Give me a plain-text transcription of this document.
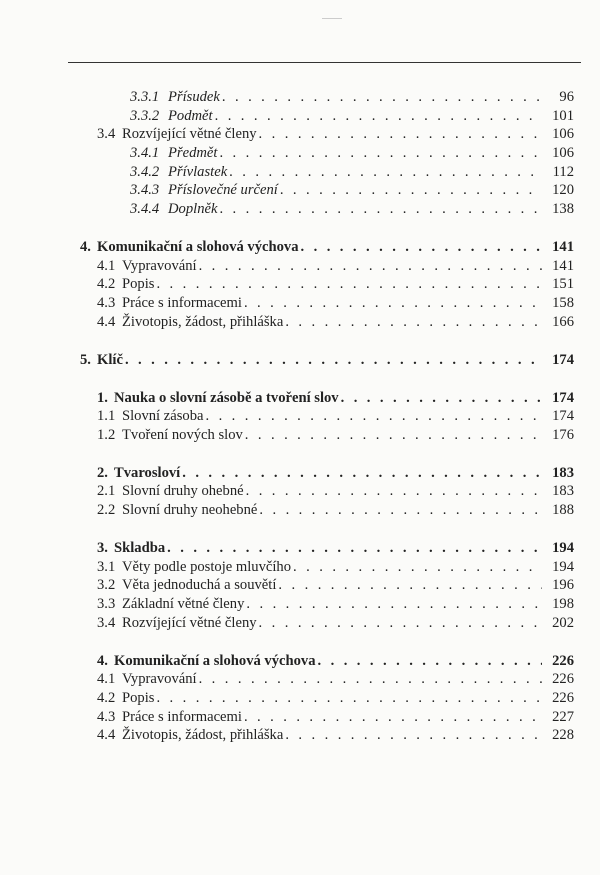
3.3.1 Přísudek . . .	96
3.3.2 Podmět . . .	101
3.4 Rozvíjející větné členy . . .	106
3.4.1 Předmět . . .	106
3.4.2 Přívlastek . . .	112
3.4.3 Příslovečné určení . . .	120
3.4.4 Doplněk . . .	138
4. Komunikační a slohová výchova . . .	141
4.1 Vypravování . . .	141
4.2 Popis . . .	151
4.3 Práce s informacemi . . .	158
4.4 Životopis, žádost, přihláška . . .	166
5. Klíč . . .	174
1. Nauka o slovní zásobě a tvoření slov . . .	174
1.1 Slovní zásoba . . .	174
1.2 Tvoření nových slov . . .	176
2. Tvarosloví . . .	183
2.1 Slovní druhy ohebné . . .	183
2.2 Slovní druhy neohebné . . .	188
3. Skladba . . .	194
3.1 Věty podle postoje mluvčího . . .	194
3.2 Věta jednoduchá a souvětí . . .	196
3.3 Základní větné členy . . .	198
3.4 Rozvíjející větné členy . . .	202
4. Komunikační a slohová výchova . . .	226
4.1 Vypravování . . .	226
4.2 Popis . . .	226
4.3 Práce s informacemi . . .	227
4.4 Životopis, žádost, přihláška . . .	228
